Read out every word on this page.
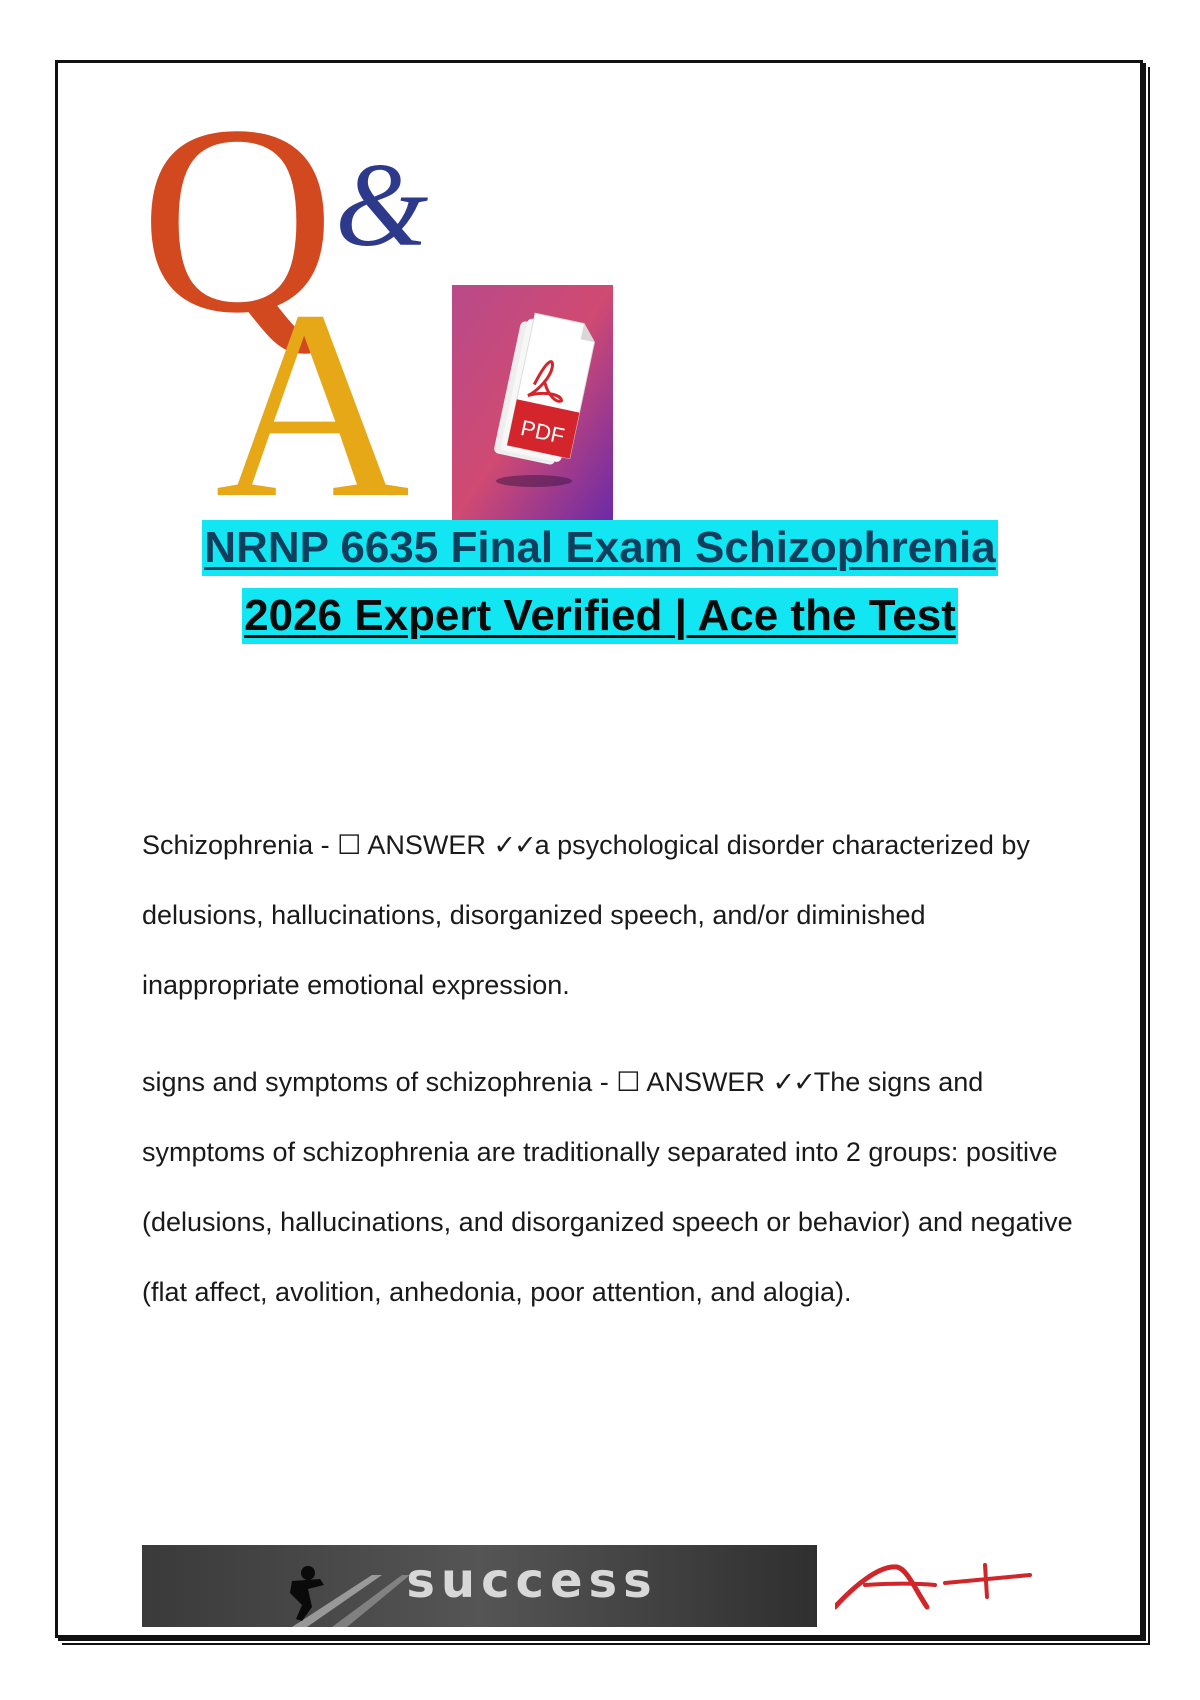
Q &
A	PDF
NRNP 6635 Final Exam Schizophrenia
2026 Expert Verified | Ace the Test
Schizophrenia - ☐ ANSWER ✓✓a psychological disorder characterized by delusions, hallucinations, disorganized speech, and/or diminished inappropriate emotional expression.
signs and symptoms of schizophrenia - ☐ ANSWER ✓✓The signs and symptoms of schizophrenia are traditionally separated into 2 groups: positive (delusions, hallucinations, and disorganized speech or behavior) and negative (flat affect, avolition, anhedonia, poor attention, and alogia).
success
A+
